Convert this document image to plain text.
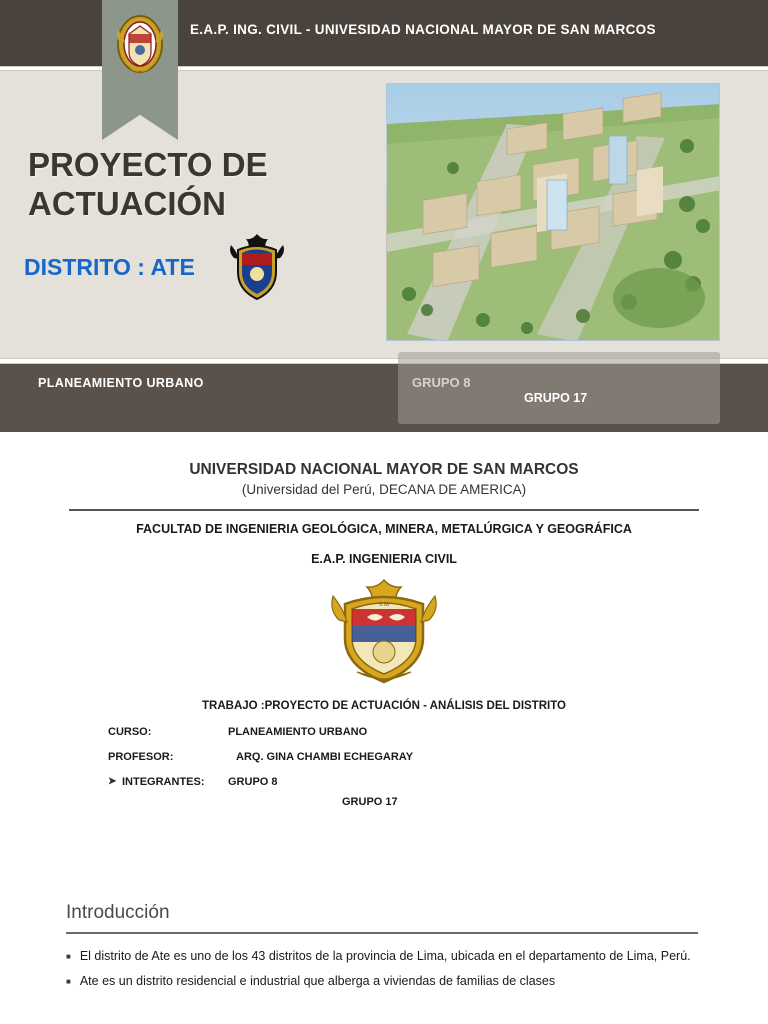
E.A.P. ING. CIVIL - UNIVESIDAD NACIONAL MAYOR DE SAN MARCOS
PROYECTO DE ACTUACIÓN
DISTRITO : ATE
PLANEAMIENTO URBANO	GRUPO 8
GRUPO 17
UNIVERSIDAD NACIONAL MAYOR DE SAN MARCOS
(Universidad del Perú, DECANA DE AMERICA)
FACULTAD DE INGENIERIA GEOLÓGICA, MINERA, METALÚRGICA Y GEOGRÁFICA
E.A.P. INGENIERIA CIVIL
S.M
TRABAJO :PROYECTO DE ACTUACIÓN - ANÁLISIS DEL DISTRITO
CURSO:	PLANEAMIENTO URBANO
PROFESOR:	ARQ. GINA CHAMBI ECHEGARAY
➤ INTEGRANTES:	GRUPO 8
GRUPO 17
Introducción
■ El distrito de Ate es uno de los 43 distritos de la provincia de Lima, ubicada en el departamento de Lima, Perú.
■ Ate es un distrito residencial e industrial que alberga a viviendas de familias de clases
